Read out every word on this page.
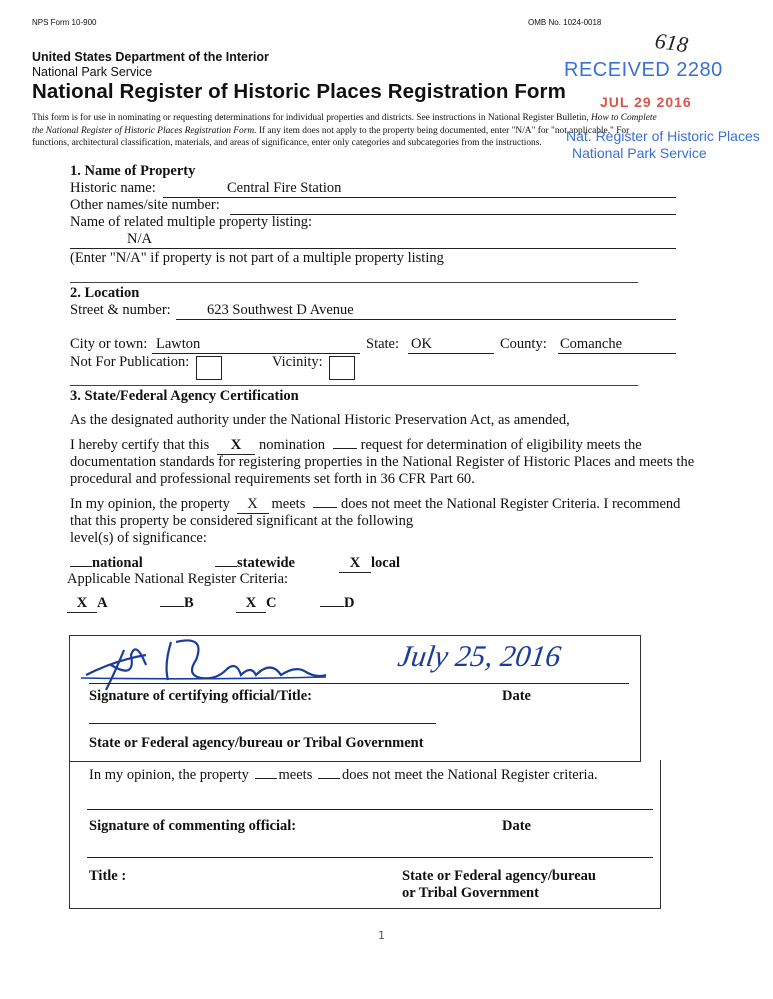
NPS Form 10-900	OMB No. 1024-0018
618
United States Department of the Interior
National Park Service
National Register of Historic Places Registration Form
RECEIVED 2280
JUL 29 2016
This form is for use in nominating or requesting determinations for individual properties and districts. See instructions in National Register Bulletin, How to Complete
the National Register of Historic Places Registration Form. If any item does not apply to the property being documented, enter "N/A" for "not applicable." For
functions, architectural classification, materials, and areas of significance, enter only categories and subcategories from the instructions.	Nat. Register of Historic Places
National Park Service
1. Name of Property
Historic name:	Central Fire Station
Other names/site number:
Name of related multiple property listing:
N/A
(Enter "N/A" if property is not part of a multiple property listing
2. Location
Street & number:	623 Southwest D Avenue
City or town: Lawton	State: OK	County: Comanche
Not For Publication:	Vicinity:
3. State/Federal Agency Certification
As the designated authority under the National Historic Preservation Act, as amended,
I hereby certify that this X nomination request for determination of eligibility meets the
documentation standards for registering properties in the National Register of Historic Places and meets the
procedural and professional requirements set forth in 36 CFR Part 60.
In my opinion, the property X meets does not meet the National Register Criteria. I recommend
that this property be considered significant at the following
level(s) of significance:
national	statewide	X local
Applicable National Register Criteria:
X A	B	X C	D
July 25, 2016
Signature of certifying official/Title:	Date
State or Federal agency/bureau or Tribal Government
In my opinion, the property meets does not meet the National Register criteria.
Signature of commenting official:	Date
Title :	State or Federal agency/bureau
or Tribal Government
1
